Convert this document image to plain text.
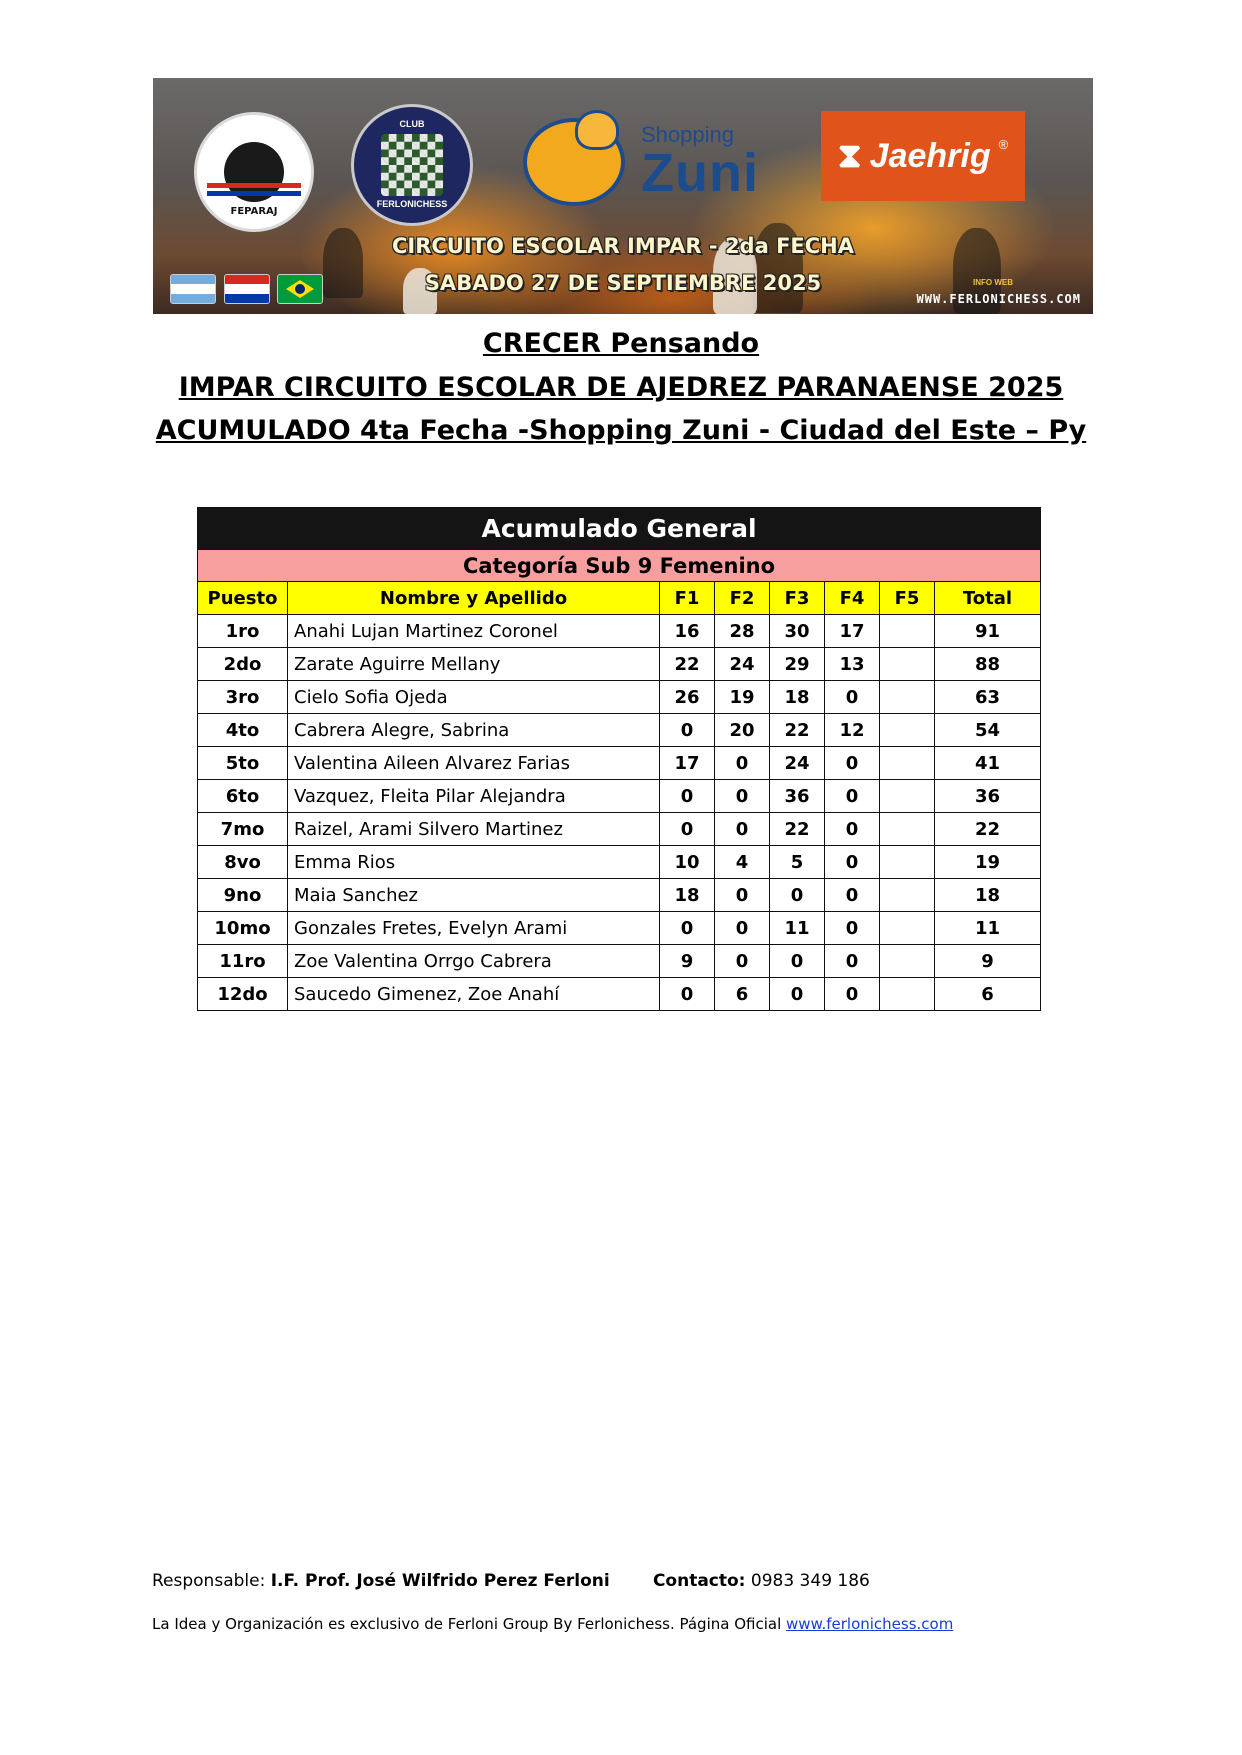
FEPARAJ
CLUB
FERLONICHESS
Shopping
Zuni ⧗ Jaehrig ®
CIRCUITO ESCOLAR IMPAR - 2da FECHA
SABADO 27 DE SEPTIEMBRE 2025	INFO WEB
WWW.FERLONICHESS.COM
CRECER Pensando
IMPAR CIRCUITO ESCOLAR DE AJEDREZ PARANAENSE 2025
ACUMULADO 4ta Fecha -Shopping Zuni - Ciudad del Este – Py
Acumulado General							
Categoría Sub 9 Femenino							
Puesto	Nombre y Apellido	F1	F2	F3	F4	F5	Total
1ro	Anahi Lujan Martinez Coronel	16	28	30	17		91
2do	Zarate Aguirre Mellany	22	24	29	13		88
3ro	Cielo Sofia Ojeda	26	19	18	0		63
4to	Cabrera Alegre, Sabrina	0	20	22	12		54
5to	Valentina Aileen Alvarez Farias	17	0	24	0		41
6to	Vazquez, Fleita Pilar Alejandra	0	0	36	0		36
7mo	Raizel, Arami Silvero Martinez	0	0	22	0		22
8vo	Emma Rios	10	4	5	0		19
9no	Maia Sanchez	18	0	0	0		18
10mo	Gonzales Fretes, Evelyn Arami	0	0	11	0		11
11ro	Zoe Valentina Orrgo Cabrera	9	0	0	0		9
12do	Saucedo Gimenez, Zoe Anahí	0	6	0	0		6
Responsable: I.F. Prof. José Wilfrido Perez Ferloni	Contacto: 0983 349 186
La Idea y Organización es exclusivo de Ferloni Group By Ferlonichess. Página Oficial www.ferlonichess.com
